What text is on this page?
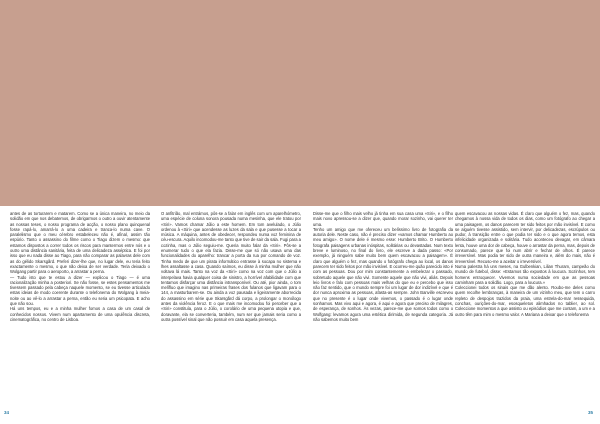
antes de as torturarem e matarem. Como se a única maneira, no meio da solidão em que nos debatemos, de obrigarmos o outro a ouvir atentamente as nossas teses, o nosso programa de acção, o nosso plano quinquenal fosse rapá-lo, amarrá-lo a uma cadeira e tranca-lo numa cave. O paralelismo que o meu cérebro estabeleceu não é, afinal, assim tão espúrio. Tanto o assassino do filme como o Tiago dizem o mesmo: que estamos dispostos a correr todos os riscos para mantermos entre nós e o outro uma distância sanitária, feita de uma delicadeza asséptica. E foi por isso que eu nada disse ao Tiago, para não comparar as palavras dele com as do gélido Skarsgård. Preferi dizer-lhe que, no lugar dele, eu teria feito exactamente o mesmo, o que não deixa de ser verdade. Teria deixado o Wolgang partir para o aeroporto, a arrastar a perna.

— Tudo isto que te estou a dizer — explicou o Tiago — é uma racionalização minha a posteriori. Se não fosse, se estes pensamentos me tivessem passado pela cabeça naquele momento, se eu tivesse articulado estas ideias de modo coerente durante o telefonema do Wolgang à meia-noite ou ao vê-lo a arrastar a perna, então eu seria um psicopata. E acho que não sou.

Há uns tempos, eu e a minha mulher fomos a casa de um casal de conhecidos nossos. Vivem num apartamento de uma opulência discreta, cinematográfica, no centro de Lisboa.

O anfitrião, mal entrámos, pôs-se a falar em inglês com um aparelhómetro, uma espécie de coluna sonora pousada numa mesinha, que ele tratou por «Siri». Vamos chamar Júlio a este homem. Em tom avelulado, o Júlio ordenou à «Siri» que acendesse as luzes da sala e que pusesse a tocar a música. A máquina, antes de obedecer, respondeu numa voz feminina de céu-escura. Aquilo incomodou-me tanto que tive de sair da sala. Fugi para a cozinha, mas o Júlio seguiu-me. Queria muito falar da «Siri». Pôs-se a enumerar tudo o que ela fazia. Disse-me que só não usava uma das funcionalidades do aparelho: trancar a porta da rua por comando de voz. Tinha medo de que um pirata informático entrasse à socapa no sistema e lhes assaltasse a casa. Quando saímos, eu disse à minha mulher que não voltava lá mais. Tanto na voz da «Siri» como na voz com que o Júlio a interpelava havia qualquer coisa de sinistro, a horrível afabilidade com que tentamos disfarçar uma distância intransponível. Ou até, pior ainda, o tom melífluo que imagino nas primeiras frases dos fulanos que ligavam para o 144, a masturbarem-se. Ou ainda a voz pausada e ligeiramente aborrecida do assassino em série que Skarsgård dá corpo, a prolongar o monólogo antes da violência feroz. E o que mais me incomodou foi perceber que a «Siri» constituía, para o Júlio, o corolário de uma pequena utopia e que, doravante, ela se converteria, também, num ser que jamais seria como a outra possível sinal que não possuir em casa aquela presença.

Disse-me que o filho mais velho já tinha em sua casa uma «Siri», e o filho mais novo apressou-se a dizer que, quando morar sozinho, vai querer ter uma.

Tenho um amigo que me ofereceu um belíssimo livro de fotografia da autoria dele. Neste caso, não é preciso dizer «vamos chamar Humberto ao meu amigo». O nome dele é mesmo esse: Humberto Brito. O Humberto fotografa paisagens urbanas inóspitas, solitárias ou devastadas. Num texto breve e luminoso, no final do livro, ele escreve a dada passo: «Por exemplo, já ninguém sabe muito bem quem escavacou a paisagem». É claro que alguém o fez, mas quando o fotógrafo chega ao local, os danos parecem ter sido feitos por mão invisível. E ocorreu-me quão parecido isto é com as pessoas. Dou por mim constantemente a embelezar o passado, sobretudo aquele que não vivi. Somente aquele que não vivi, aliás. Depois leio livros e falo com pessoas mais velhas do que eu e percebo que isso não faz sentido, que o mundo sempre foi um lugar de dor indizível e que é dor nunca aproxima as pessoas, afasta-as sempre. John Banville escreveu que no presente é o lugar onde vivemos, o passado é o lugar onde sonhamos. Mas vivo aqui e agora, é aqui e agora que preciso de milagres, de esperança, de sonhos. Às vezas, parece-me que somos todos como o Wolfgang: levamos agora uma estética dirimida, de segunda categoria. Já não sabemos muito bem

quem escavacou as nossas vidas. É claro que alguém o fez, mas, quando chegamos à nossa vida de todos os dias, como um fotógrafo ao chegar a uma paisagem, os danos parecem ter sido feitos por mão invisível. E como se alguém tivesse assistido, sem intervir, por delicadezas, escrúpulos ou pudor, à transição entre o que podia ter sido e o que agora temos, esta infelicidade organizada e solitária. Tudo aconteceu devagar, em câmara lenta, houve uma dor de cabeça, houve o arrastar da perna, mas, depois de consumado, parece que foi num abrir e fechar de olhos. É parece irreversível. Mas podia ter sido de outra maneira e, além do mais, não é irreversível. Recuso-me a aceitar o irreversível.

Numa palestra há uns meses, na Gulbenkian, Lilian Thuram, campeão do mundo de futebol, disse: «Estamos tão expostos à loucura. Sozinhos, tem homens entroquecer. Vivemos numa sociedade em que as pessoas caminham para a solidão. Logo, para a loucura.»

Coleccionei todos os sinais que me dão alento. Roubo-me deles como quem recolhe lembranças, à maneira de um vizinho meu, que tem o carro repleto de despojos trazidos da praia, uma estrela-do-mar ressequida, conchas, ourições-do-mar, esosqueletos alimhados no tablier, ao sol. Coleccione momentos a que assisto ou episódios que me contam, a um e a outro têm para mim o mesmo valor. A Mariana a deixar que o telefonema

34	35
